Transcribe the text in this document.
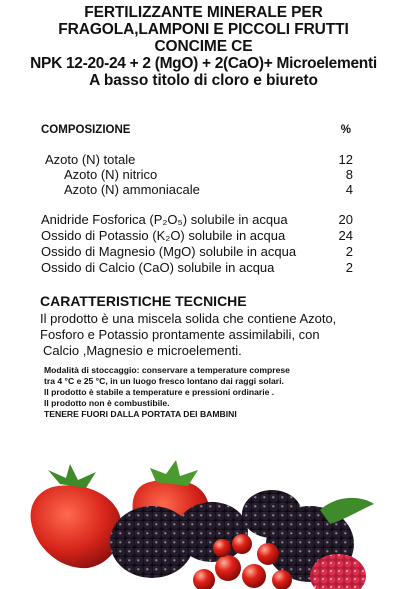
FERTILIZZANTE MINERALE PER
FRAGOLA,LAMPONI E PICCOLI FRUTTI
CONCIME CE
NPK 12-20-24 + 2 (MgO) + 2(CaO)+ Microelementi
A basso titolo di cloro e biureto
COMPOSIZIONE	%
Azoto (N) totale	12
Azoto (N) nitrico	8
Azoto (N) ammoniacale	4
Anidride Fosforica (P₂O₅) solubile in acqua	20
Ossido di Potassio (K₂O) solubile in acqua	24
Ossido di Magnesio (MgO) solubile in acqua	2
Ossido di Calcio (CaO) solubile in acqua	2
CARATTERISTICHE TECNICHE
Il prodotto è una miscela solida che contiene Azoto,
Fosforo e Potassio prontamente assimilabili, con
Calcio ,Magnesio e microelementi.
Modalità di stoccaggio: conservare a temperature comprese
tra 4 °C e 25 °C, in un luogo fresco lontano dai raggi solari.
Il prodotto è stabile a temperature e pressioni ordinarie .
Il prodotto non è combustibile.
TENERE FUORI DALLA PORTATA DEI BAMBINI
